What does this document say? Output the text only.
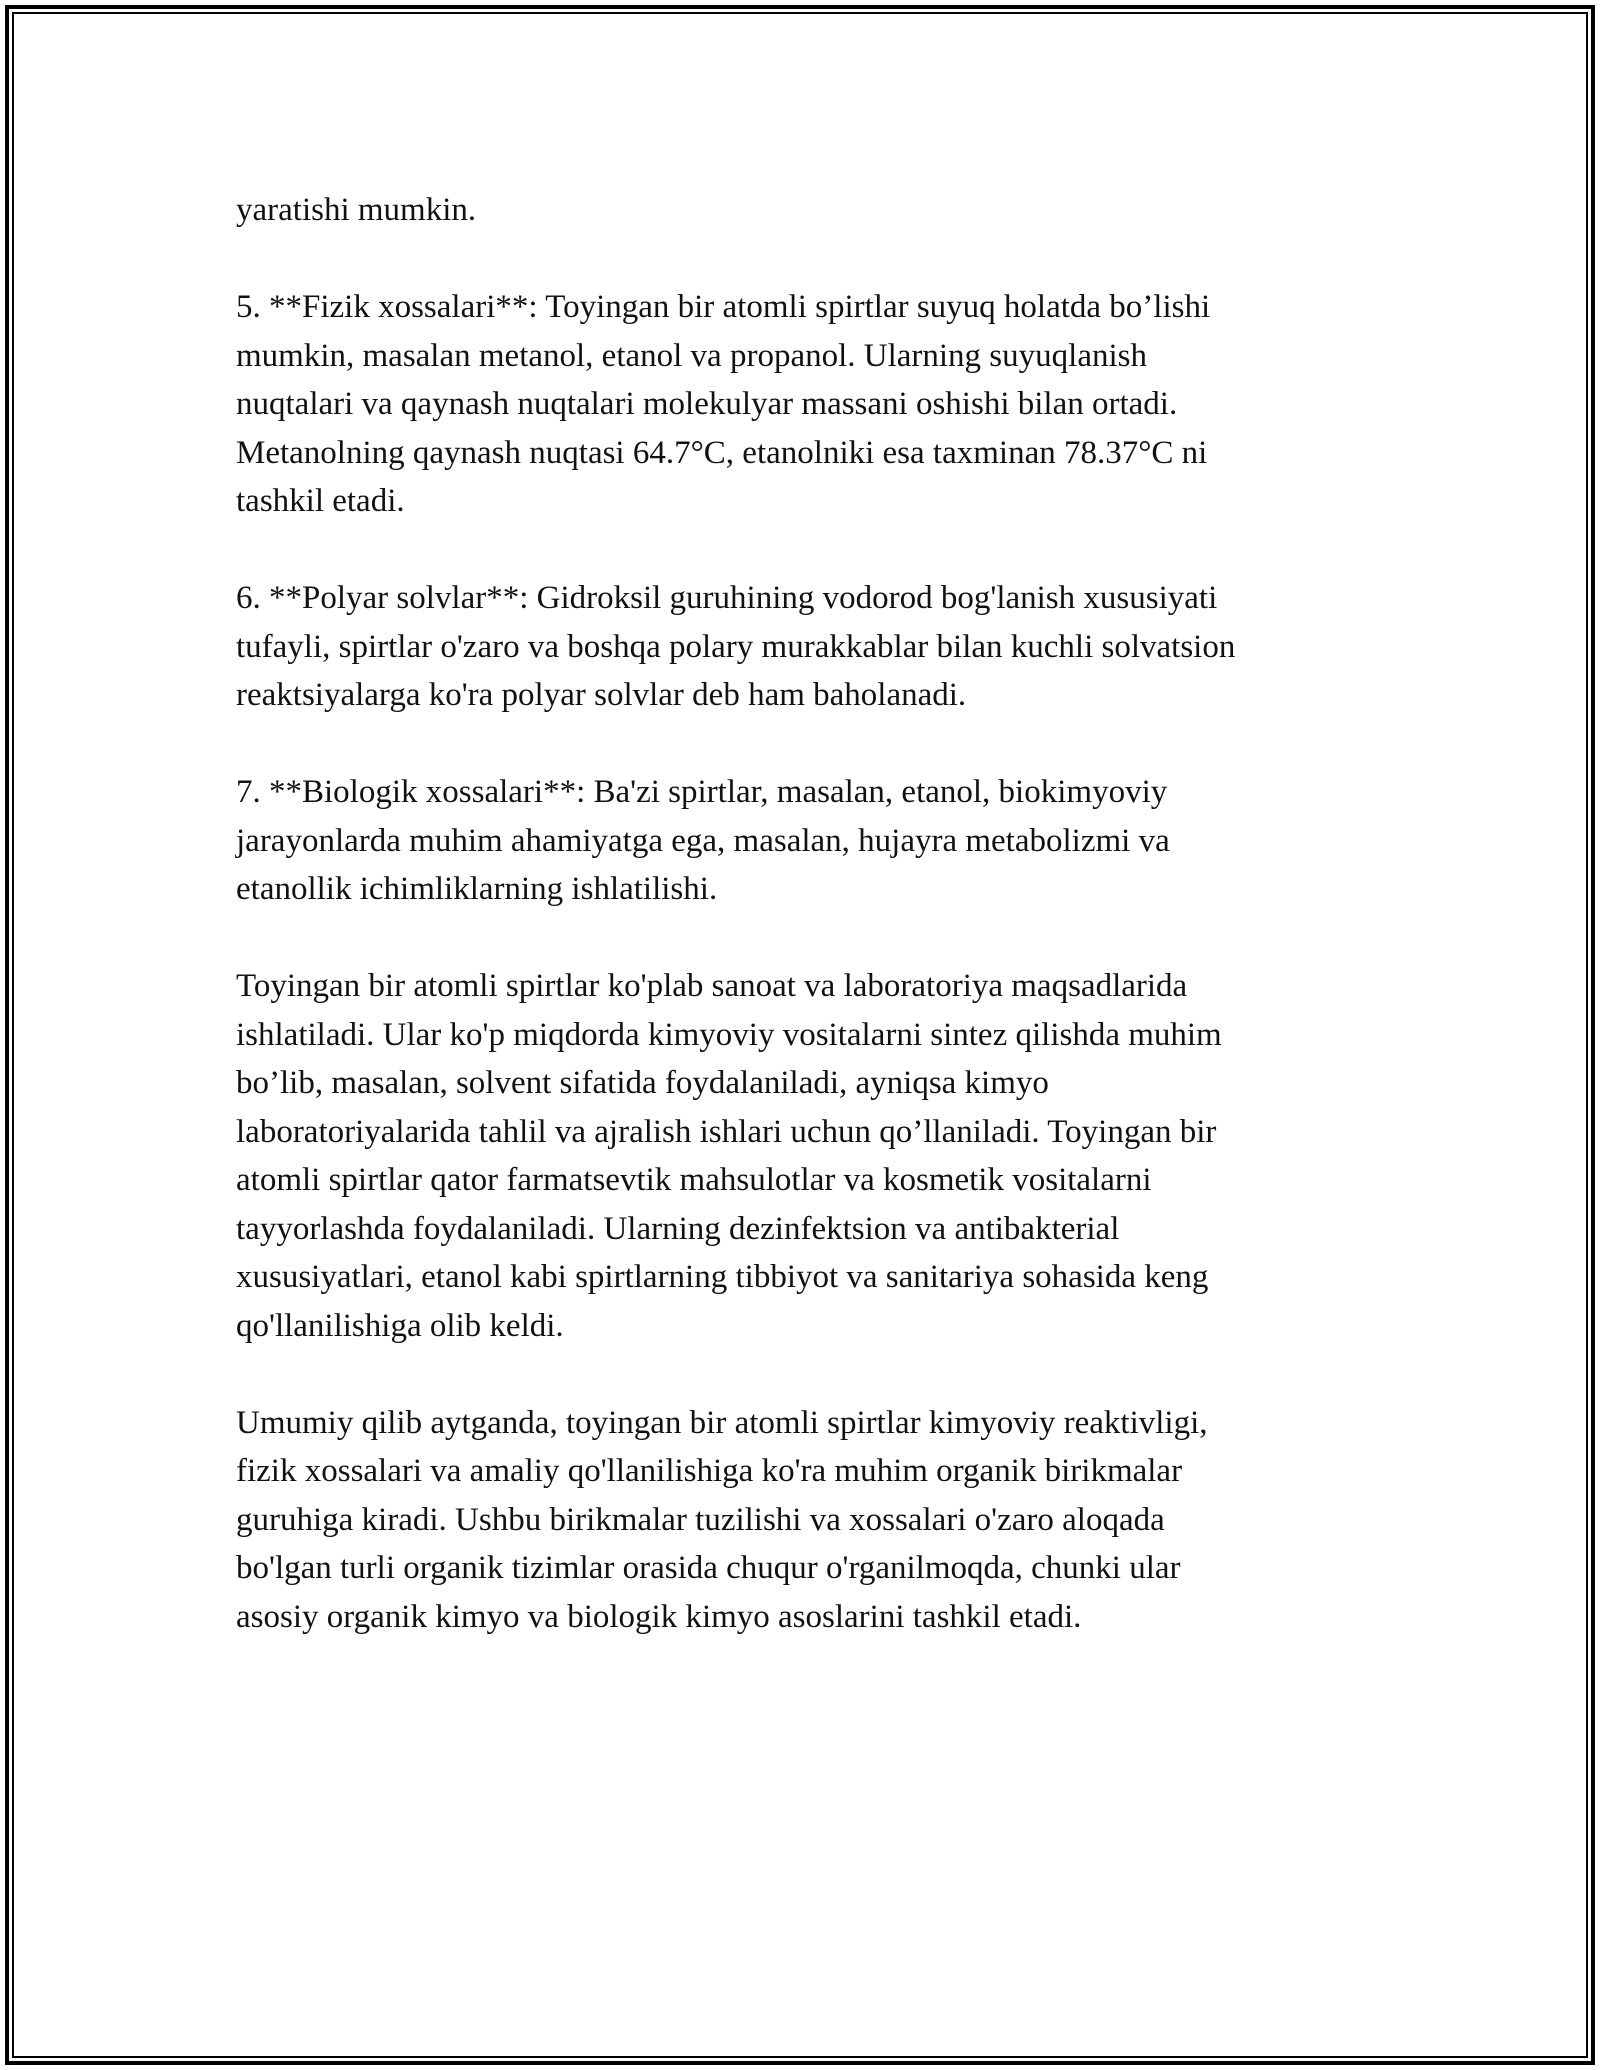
yaratishi mumkin.

5. **Fizik xossalari**: Toyingan bir atomli spirtlar suyuq holatda bo’lishi
mumkin, masalan metanol, etanol va propanol. Ularning suyuqlanish
nuqtalari va qaynash nuqtalari molekulyar massani oshishi bilan ortadi.
Metanolning qaynash nuqtasi 64.7°C, etanolniki esa taxminan 78.37°C ni
tashkil etadi.

6. **Polyar solvlar**: Gidroksil guruhining vodorod bog'lanish xususiyati
tufayli, spirtlar o'zaro va boshqa polary murakkablar bilan kuchli solvatsion
reaktsiyalarga ko'ra polyar solvlar deb ham baholanadi.

7. **Biologik xossalari**: Ba'zi spirtlar, masalan, etanol, biokimyoviy
jarayonlarda muhim ahamiyatga ega, masalan, hujayra metabolizmi va
etanollik ichimliklarning ishlatilishi.

Toyingan bir atomli spirtlar ko'plab sanoat va laboratoriya maqsadlarida
ishlatiladi. Ular ko'p miqdorda kimyoviy vositalarni sintez qilishda muhim
bo’lib, masalan, solvent sifatida foydalaniladi, ayniqsa kimyo
laboratoriyalarida tahlil va ajralish ishlari uchun qo’llaniladi. Toyingan bir
atomli spirtlar qator farmatsevtik mahsulotlar va kosmetik vositalarni
tayyorlashda foydalaniladi. Ularning dezinfektsion va antibakterial
xususiyatlari, etanol kabi spirtlarning tibbiyot va sanitariya sohasida keng
qo'llanilishiga olib keldi.

Umumiy qilib aytganda, toyingan bir atomli spirtlar kimyoviy reaktivligi,
fizik xossalari va amaliy qo'llanilishiga ko'ra muhim organik birikmalar
guruhiga kiradi. Ushbu birikmalar tuzilishi va xossalari o'zaro aloqada
bo'lgan turli organik tizimlar orasida chuqur o'rganilmoqda, chunki ular
asosiy organik kimyo va biologik kimyo asoslarini tashkil etadi.
